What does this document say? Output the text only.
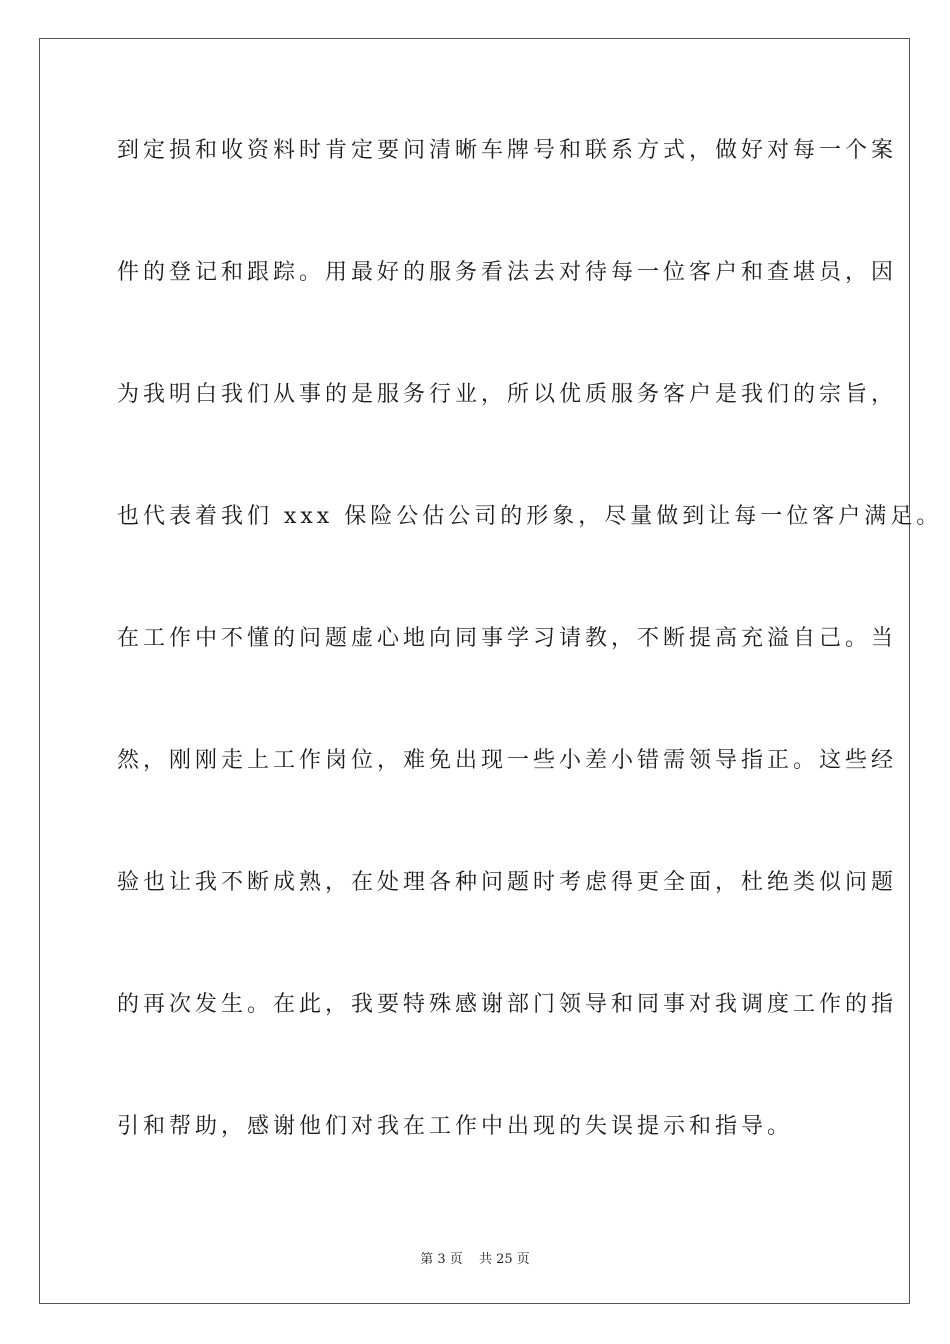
到定损和收资料时肯定要问清晰车牌号和联系方式，做好对每一个案
件的登记和跟踪。用最好的服务看法去对待每一位客户和查堪员，因
为我明白我们从事的是服务行业，所以优质服务客户是我们的宗旨，
也代表着我们 xxx 保险公估公司的形象，尽量做到让每一位客户满足。
在工作中不懂的问题虚心地向同事学习请教，不断提高充溢自己。当
然，刚刚走上工作岗位，难免出现一些小差小错需领导指正。这些经
验也让我不断成熟，在处理各种问题时考虑得更全面，杜绝类似问题
的再次发生。在此，我要特殊感谢部门领导和同事对我调度工作的指
引和帮助，感谢他们对我在工作中出现的失误提示和指导。
第 3 页 共 25 页
